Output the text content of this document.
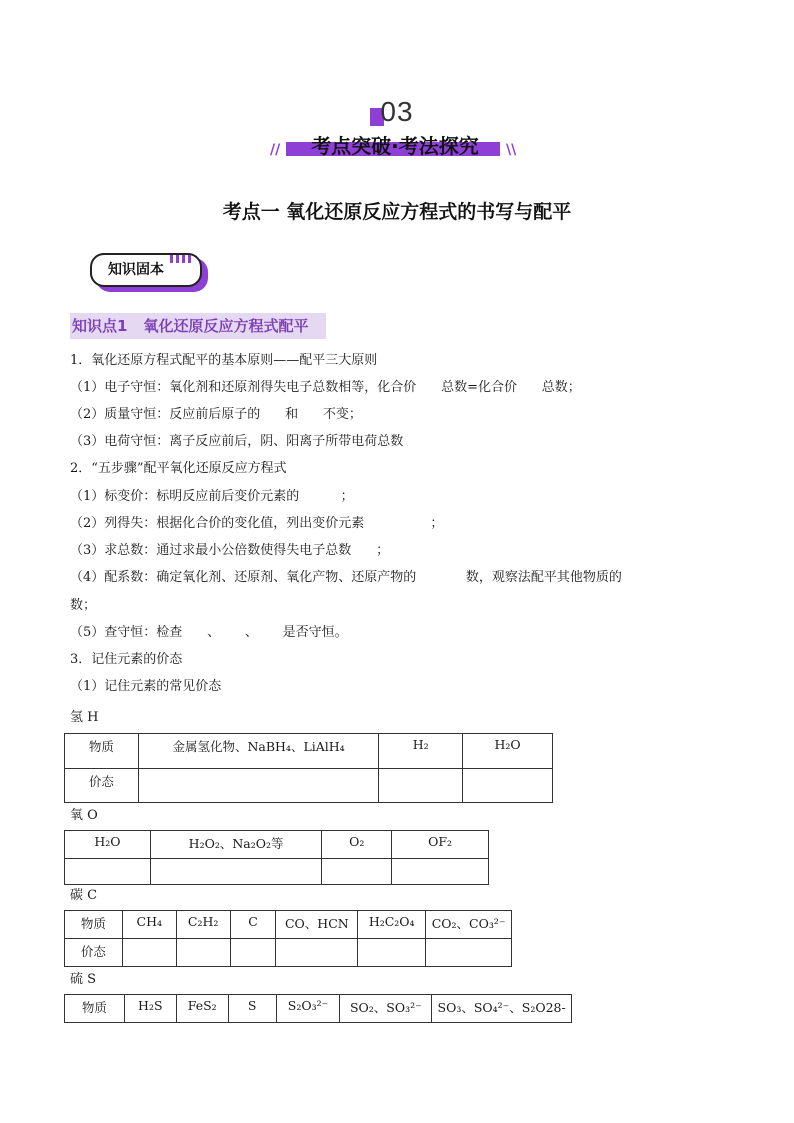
03
//	考点突破·考法探究	\\
考点一 氧化还原反应方程式的书写与配平
知识固本
知识点1 氧化还原反应方程式配平
1．氧化还原方程式配平的基本原则——配平三大原则
（1）电子守恒：氧化剂和还原剂得失电子总数相等，化合价      总数=化合价      总数；
（2）质量守恒：反应前后原子的      和      不变；
（3）电荷守恒：离子反应前后，阴、阳离子所带电荷总数
2．“五步骤”配平氧化还原反应方程式
（1）标变价：标明反应前后变价元素的          ；
（2）列得失：根据化合价的变化值，列出变价元素                ；
（3）求总数：通过求最小公倍数使得失电子总数      ；
（4）配系数：确定氧化剂、还原剂、氧化产物、还原产物的            数，观察法配平其他物质的
数；
（5）查守恒：检查      、      、      是否守恒。
3．记住元素的价态
（1）记住元素的常见价态
氢 H
物质	金属氢化物、NaBH₄、LiAlH₄	H₂	H₂O
价态			
氧 O
H₂O	H₂O₂、Na₂O₂等	O₂	OF₂

碳 C
物质	CH₄	C₂H₂	C	CO、HCN	H₂C₂O₄	CO₂、CO₃²⁻
价态						
硫 S
物质	H₂S	FeS₂	S	S₂O₃²⁻	SO₂、SO₃²⁻	SO₃、SO₄²⁻、S₂O28-
